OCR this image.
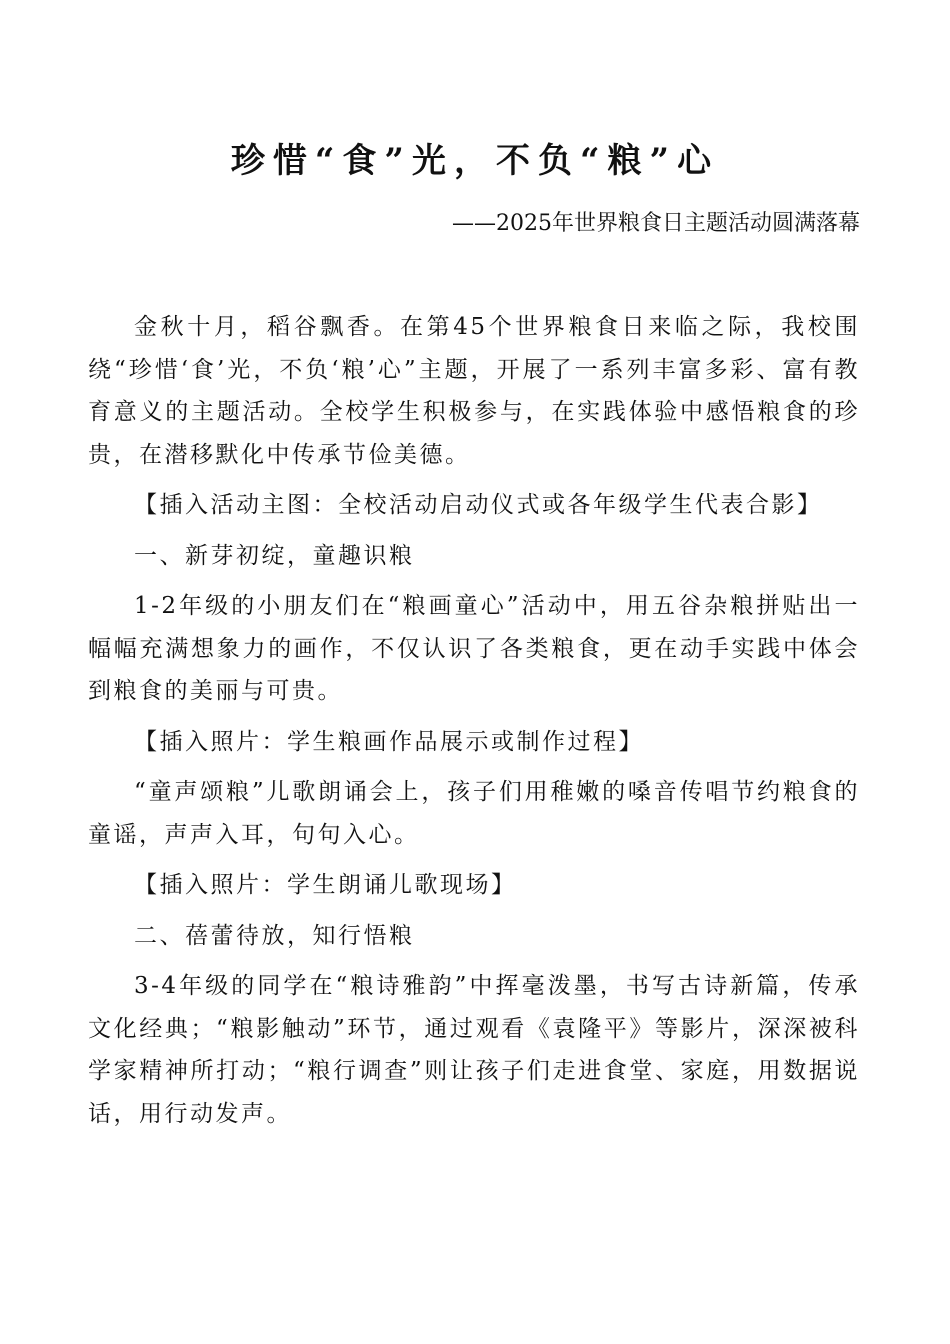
珍惜“食”光，不负“粮”心
——2025年世界粮食日主题活动圆满落幕

金秋十月，稻谷飘香。在第45个世界粮食日来临之际，我校围绕“珍惜‘食’光，不负‘粮’心”主题，开展了一系列丰富多彩、富有教育意义的主题活动。全校学生积极参与，在实践体验中感悟粮食的珍贵，在潜移默化中传承节俭美德。

【插入活动主图：全校活动启动仪式或各年级学生代表合影】

一、新芽初绽，童趣识粮

1-2年级的小朋友们在“粮画童心”活动中，用五谷杂粮拼贴出一幅幅充满想象力的画作，不仅认识了各类粮食，更在动手实践中体会到粮食的美丽与可贵。

【插入照片：学生粮画作品展示或制作过程】

“童声颂粮”儿歌朗诵会上，孩子们用稚嫩的嗓音传唱节约粮食的童谣，声声入耳，句句入心。

【插入照片：学生朗诵儿歌现场】

二、蓓蕾待放，知行悟粮

3-4年级的同学在“粮诗雅韵”中挥毫泼墨，书写古诗新篇，传承文化经典；“粮影触动”环节，通过观看《袁隆平》等影片，深深被科学家精神所打动；“粮行调查”则让孩子们走进食堂、家庭，用数据说话，用行动发声。
